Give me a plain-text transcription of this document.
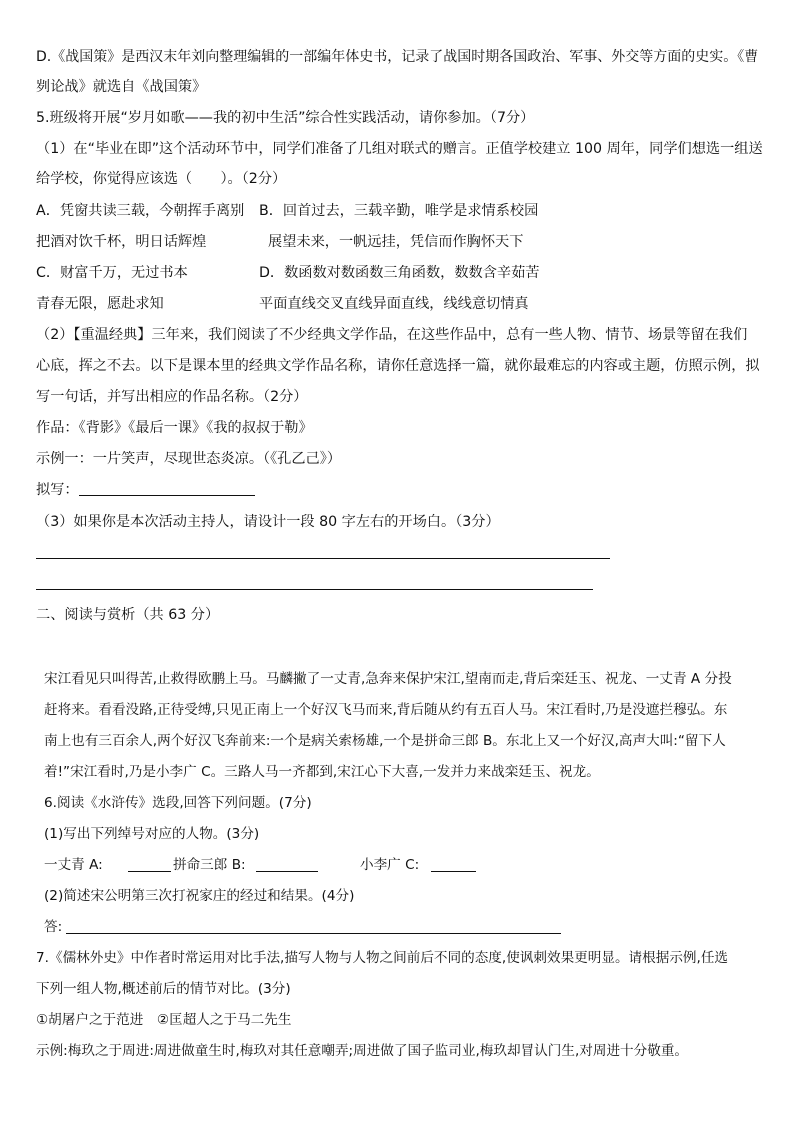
D.《战国策》是西汉末年刘向整理编辑的一部编年体史书，记录了战国时期各国政治、军事、外交等方面的史实。《曹
刿论战》就选自《战国策》
5.班级将开展“岁月如歌——我的初中生活”综合性实践活动，请你参加。（7分）
（1）在“毕业在即”这个活动环节中，同学们准备了几组对联式的赠言。正值学校建立 100 周年，同学们想选一组送
给学校，你觉得应该选（　　）。（2分）
A．凭窗共读三载，今朝挥手离别 B．回首过去，三载辛勤，唯学是求情系校园
把酒对饮千杯，明日话辉煌	展望未来，一帆远挂，凭信而作胸怀天下
C．财富千万，无过书本	D．数函数对数函数三角函数，数数含辛茹苦
青春无限，愿赴求知	平面直线交叉直线异面直线，线线意切情真
（2）【重温经典】三年来，我们阅读了不少经典文学作品，在这些作品中，总有一些人物、情节、场景等留在我们
心底，挥之不去。以下是课本里的经典文学作品名称，请你任意选择一篇，就你最难忘的内容或主题，仿照示例，拟
写一句话，并写出相应的作品名称。（2分）
作品：《背影》《最后一课》《我的叔叔于勒》
示例一：一片笑声，尽现世态炎凉。（《孔乙己》）
拟写：
（3）如果你是本次活动主持人，请设计一段 80 字左右的开场白。（3分）
二、阅读与赏析（共 63 分）
宋江看见只叫得苦,止救得欧鹏上马。马麟撇了一丈青,急奔来保护宋江,望南而走,背后栾廷玉、祝龙、一丈青 A 分投
赶将来。看看没路,正待受缚,只见正南上一个好汉飞马而来,背后随从约有五百人马。宋江看时,乃是没遮拦穆弘。东
南上也有三百余人,两个好汉飞奔前来:一个是病关索杨雄,一个是拼命三郎 B。东北上又一个好汉,高声大叫:“留下人
着!”宋江看时,乃是小李广 C。三路人马一齐都到,宋江心下大喜,一发并力来战栾廷玉、祝龙。
6.阅读《水浒传》选段,回答下列问题。(7分)
(1)写出下列绰号对应的人物。(3分)
一丈青 A:	拼命三郎 B:	小李广 C:
(2)简述宋公明第三次打祝家庄的经过和结果。(4分)
答:
7.《儒林外史》中作者时常运用对比手法,描写人物与人物之间前后不同的态度,使讽刺效果更明显。请根据示例,任选
下列一组人物,概述前后的情节对比。(3分)
①胡屠户之于范进　②匡超人之于马二先生
示例:梅玖之于周进:周进做童生时,梅玖对其任意嘲弄;周进做了国子监司业,梅玖却冒认门生,对周进十分敬重。
